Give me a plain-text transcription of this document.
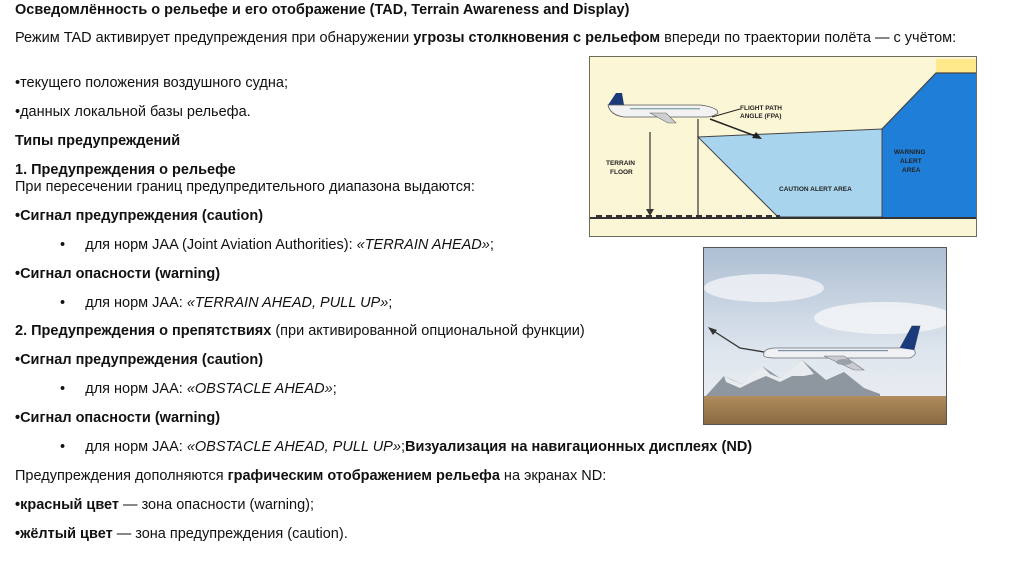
Осведомлённость о рельефе и его отображение (TAD, Terrain Awareness and Display)
Режим TAD активирует предупреждения при обнаружении угрозы столкновения с рельефом впереди по траектории полёта — с учётом:
•текущего положения воздушного судна;
•данных локальной базы рельефа.
Типы предупреждений
1. Предупреждения о рельефе
При пересечении границ предупредительного диапазона выдаются:
•Сигнал предупреждения (caution)
• для норм JAA (Joint Aviation Authorities): «TERRAIN AHEAD»;
•Сигнал опасности (warning)
• для норм JAA: «TERRAIN AHEAD, PULL UP»;
2. Предупреждения о препятствиях (при активированной опциональной функции)
•Сигнал предупреждения (caution)
• для норм JAA: «OBSTACLE AHEAD»;
•Сигнал опасности (warning)
• для норм JAA: «OBSTACLE AHEAD, PULL UP»;Визуализация на навигационных дисплеях (ND)
Предупреждения дополняются графическим отображением рельефа на экранах ND:
•красный цвет — зона опасности (warning);
•жёлтый цвет — зона предупреждения (caution).
FLIGHT PATH
ANGLE (FPA)
TERRAIN
FLOOR
CAUTION ALERT AREA
WARNING
ALERT
AREA
